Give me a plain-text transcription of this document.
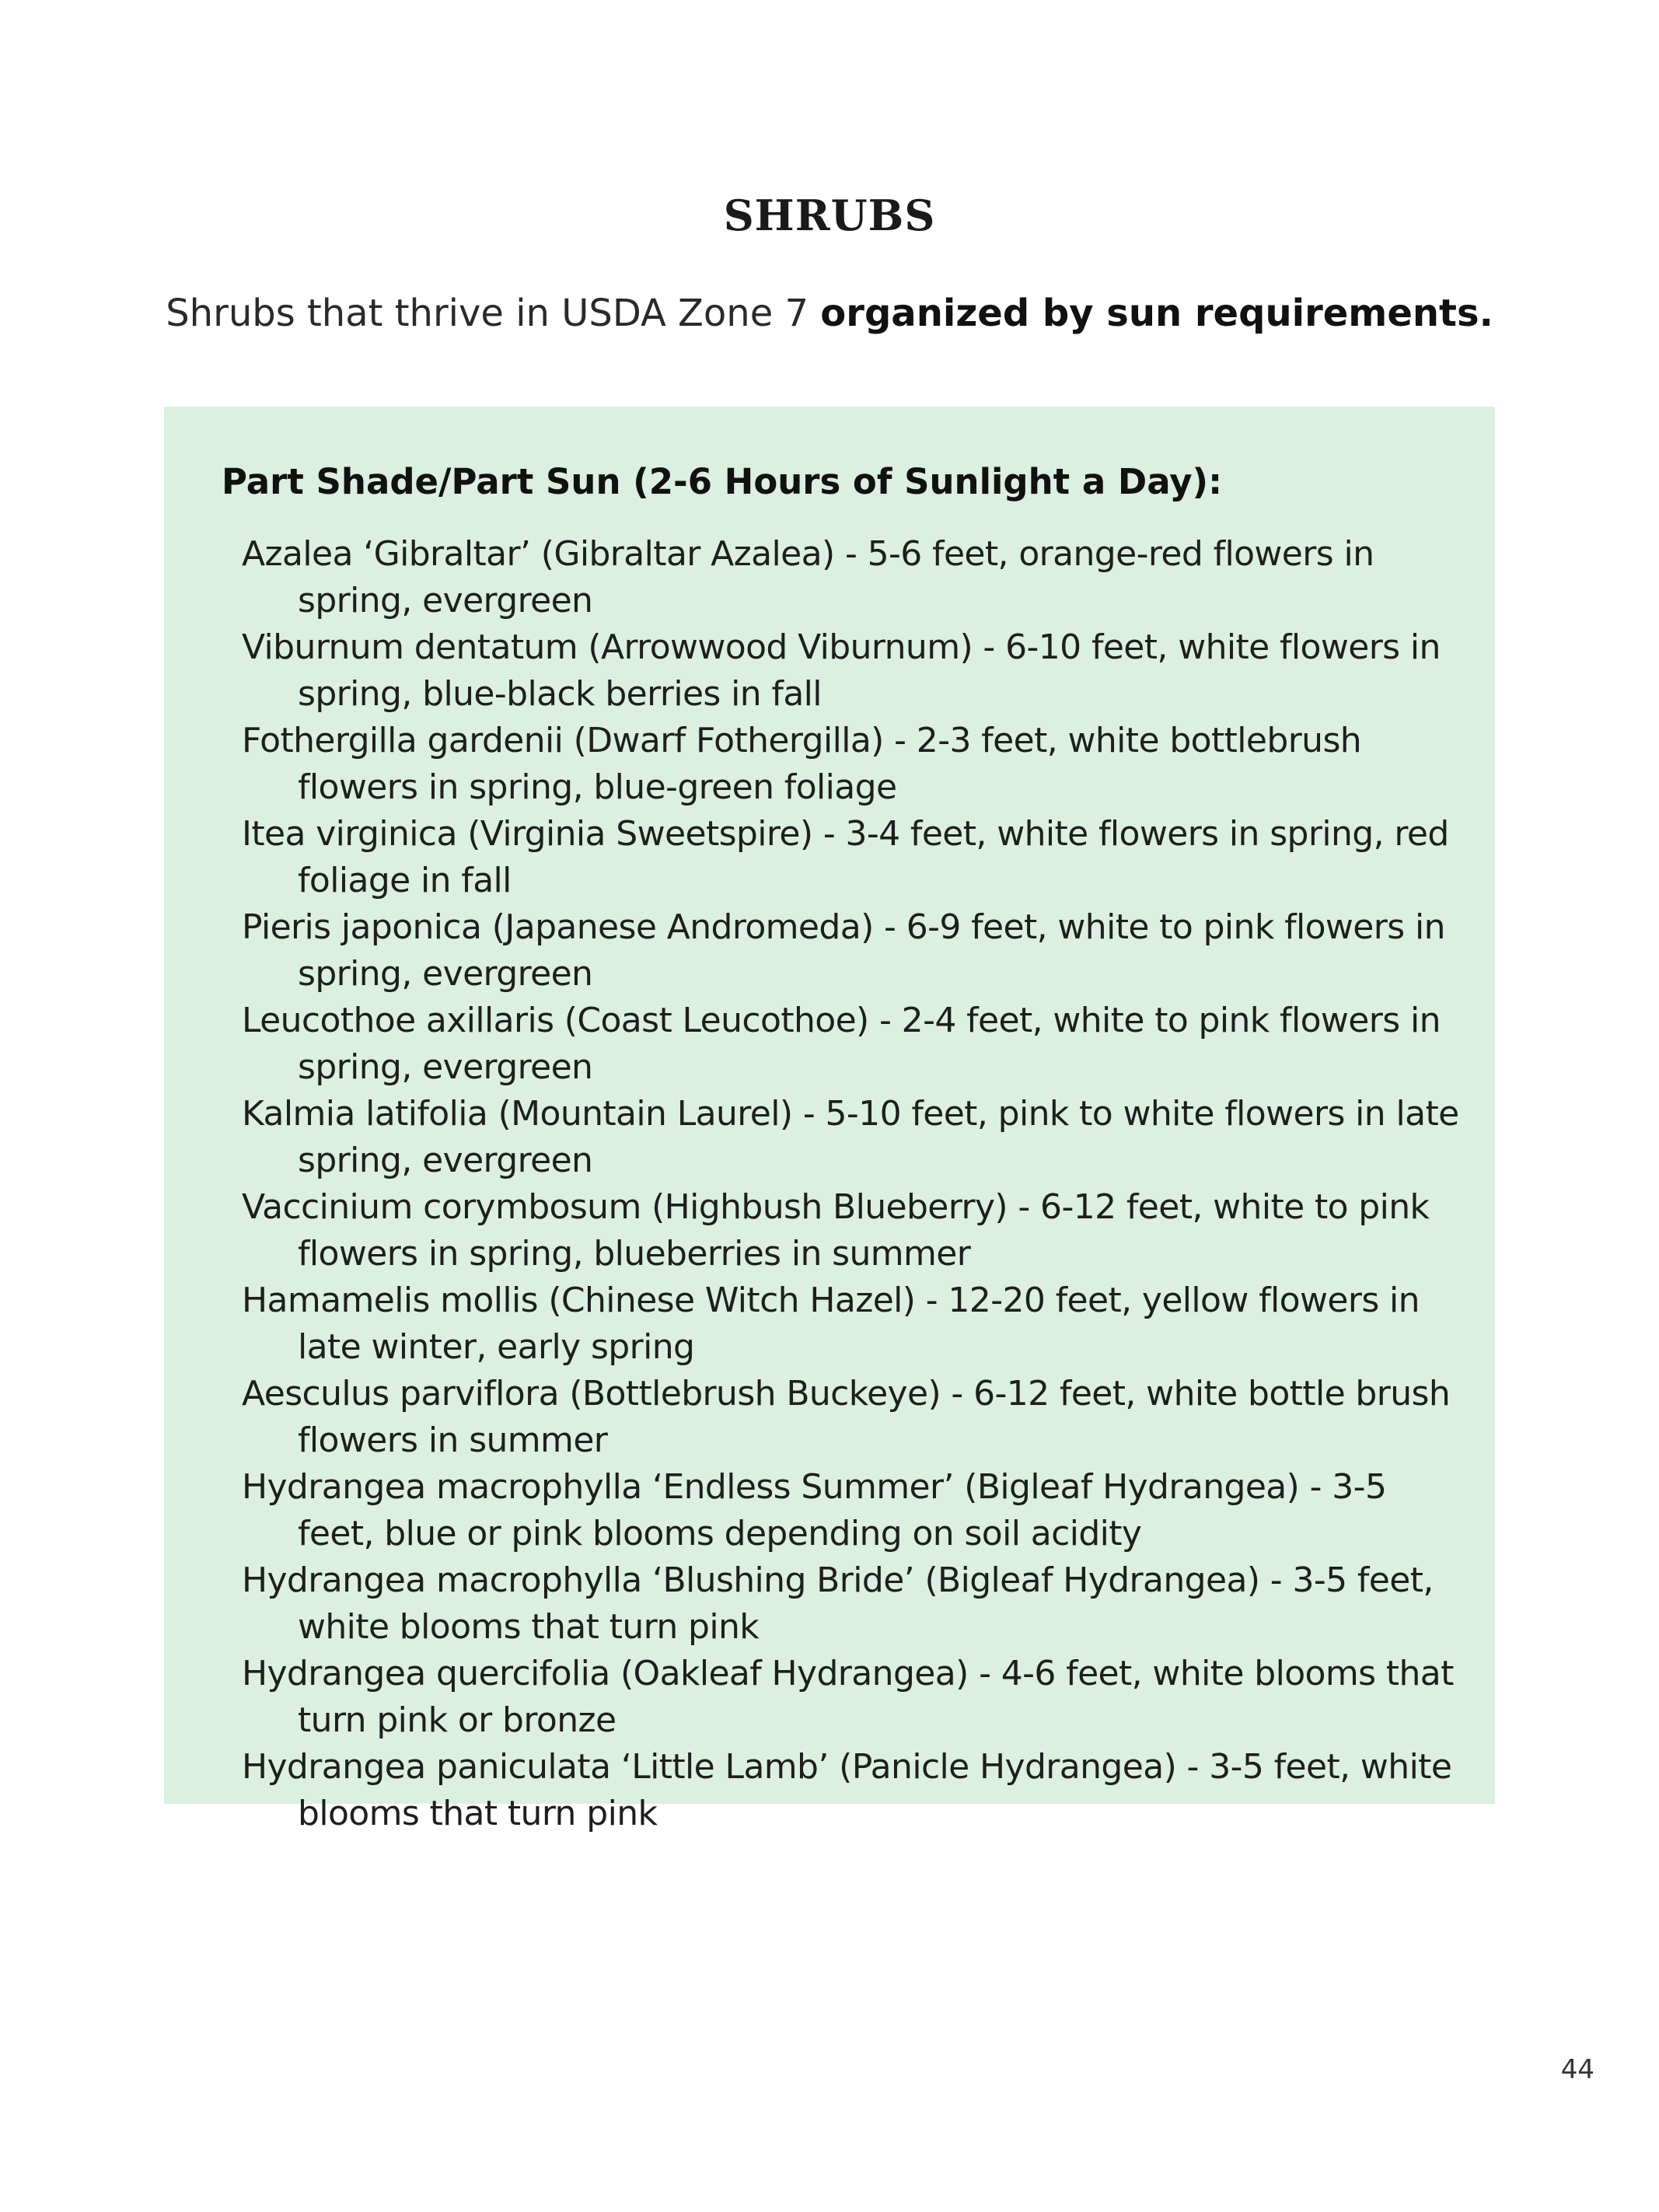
SHRUBS

Shrubs that thrive in USDA Zone 7 organized by sun requirements.

Part Shade/Part Sun (2-6 Hours of Sunlight a Day):
Azalea ‘Gibraltar’ (Gibraltar Azalea) - 5-6 feet, orange-red flowers in spring, evergreen
Viburnum dentatum (Arrowwood Viburnum) - 6-10 feet, white flowers in spring, blue-black berries in fall
Fothergilla gardenii (Dwarf Fothergilla) - 2-3 feet, white bottlebrush flowers in spring, blue-green foliage
Itea virginica (Virginia Sweetspire) - 3-4 feet, white flowers in spring, red foliage in fall
Pieris japonica (Japanese Andromeda) - 6-9 feet, white to pink flowers in spring, evergreen
Leucothoe axillaris (Coast Leucothoe) - 2-4 feet, white to pink flowers in spring, evergreen
Kalmia latifolia (Mountain Laurel) - 5-10 feet, pink to white flowers in late spring, evergreen
Vaccinium corymbosum (Highbush Blueberry) - 6-12 feet, white to pink flowers in spring, blueberries in summer
Hamamelis mollis (Chinese Witch Hazel) - 12-20 feet, yellow flowers in late winter, early spring
Aesculus parviflora (Bottlebrush Buckeye) - 6-12 feet, white bottle brush flowers in summer
Hydrangea macrophylla ‘Endless Summer’ (Bigleaf Hydrangea) - 3-5 feet, blue or pink blooms depending on soil acidity
Hydrangea macrophylla ‘Blushing Bride’ (Bigleaf Hydrangea) - 3-5 feet, white blooms that turn pink
Hydrangea quercifolia (Oakleaf Hydrangea) - 4-6 feet, white blooms that turn pink or bronze
Hydrangea paniculata ‘Little Lamb’ (Panicle Hydrangea) - 3-5 feet, white blooms that turn pink
44
